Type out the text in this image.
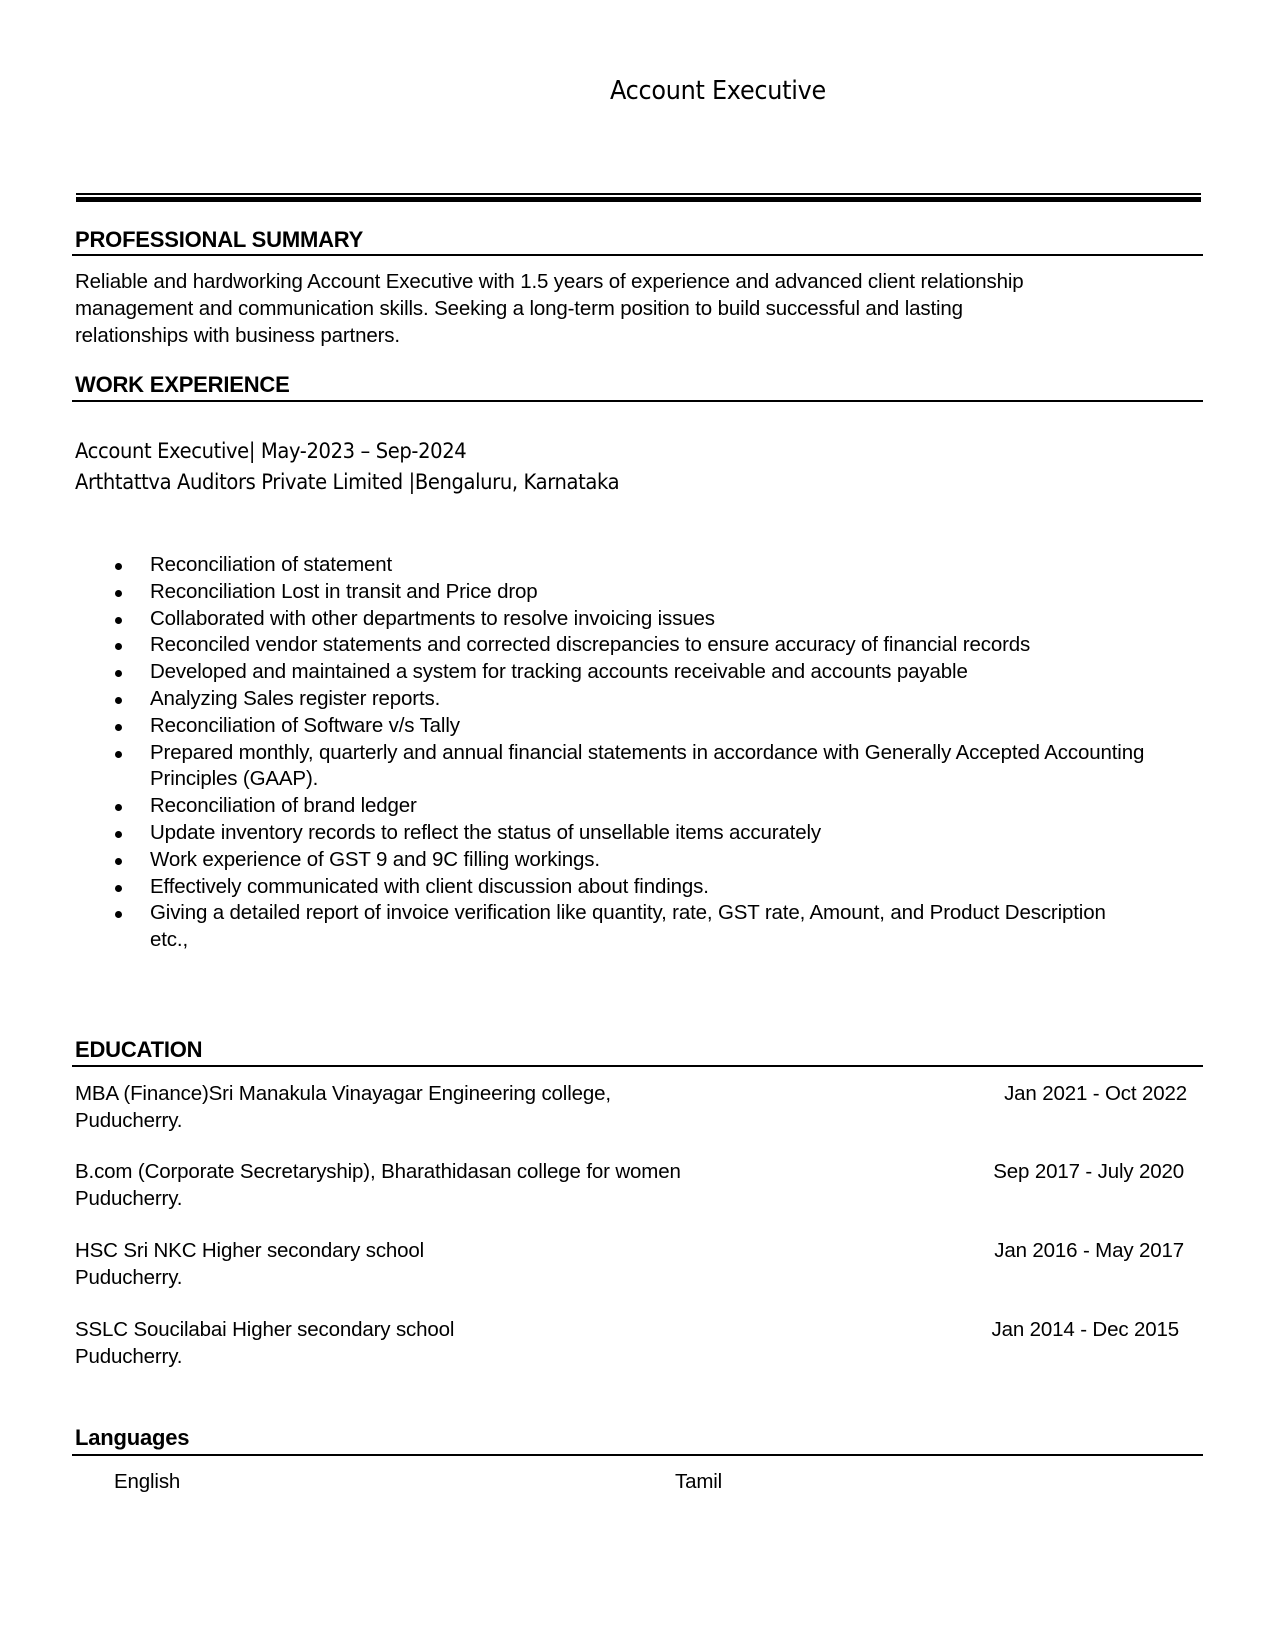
Account Executive
PROFESSIONAL SUMMARY
Reliable and hardworking Account Executive with 1.5 years of experience and advanced client relationship
management and communication skills. Seeking a long-term position to build successful and lasting
relationships with business partners.
WORK EXPERIENCE
Account Executive| May-2023 – Sep-2024
Arthtattva Auditors Private Limited |Bengaluru, Karnataka
Reconciliation of statement
Reconciliation Lost in transit and Price drop
Collaborated with other departments to resolve invoicing issues
Reconciled vendor statements and corrected discrepancies to ensure accuracy of financial records
Developed and maintained a system for tracking accounts receivable and accounts payable
Analyzing Sales register reports.
Reconciliation of Software v/s Tally
Prepared monthly, quarterly and annual financial statements in accordance with Generally Accepted Accounting Principles (GAAP).
Reconciliation of brand ledger
Update inventory records to reflect the status of unsellable items accurately
Work experience of GST 9 and 9C filling workings.
Effectively communicated with client discussion about findings.
Giving a detailed report of invoice verification like quantity, rate, GST rate, Amount, and Product Description etc.,
EDUCATION
MBA (Finance)Sri Manakula Vinayagar Engineering college,
Puducherry.
Jan 2021 - Oct 2022
B.com (Corporate Secretaryship), Bharathidasan college for women
Puducherry.
Sep 2017 - July 2020
HSC Sri NKC Higher secondary school
Puducherry.
Jan 2016 - May 2017
SSLC Soucilabai Higher secondary school
Puducherry.
Jan 2014 - Dec 2015
Languages
English	Tamil
